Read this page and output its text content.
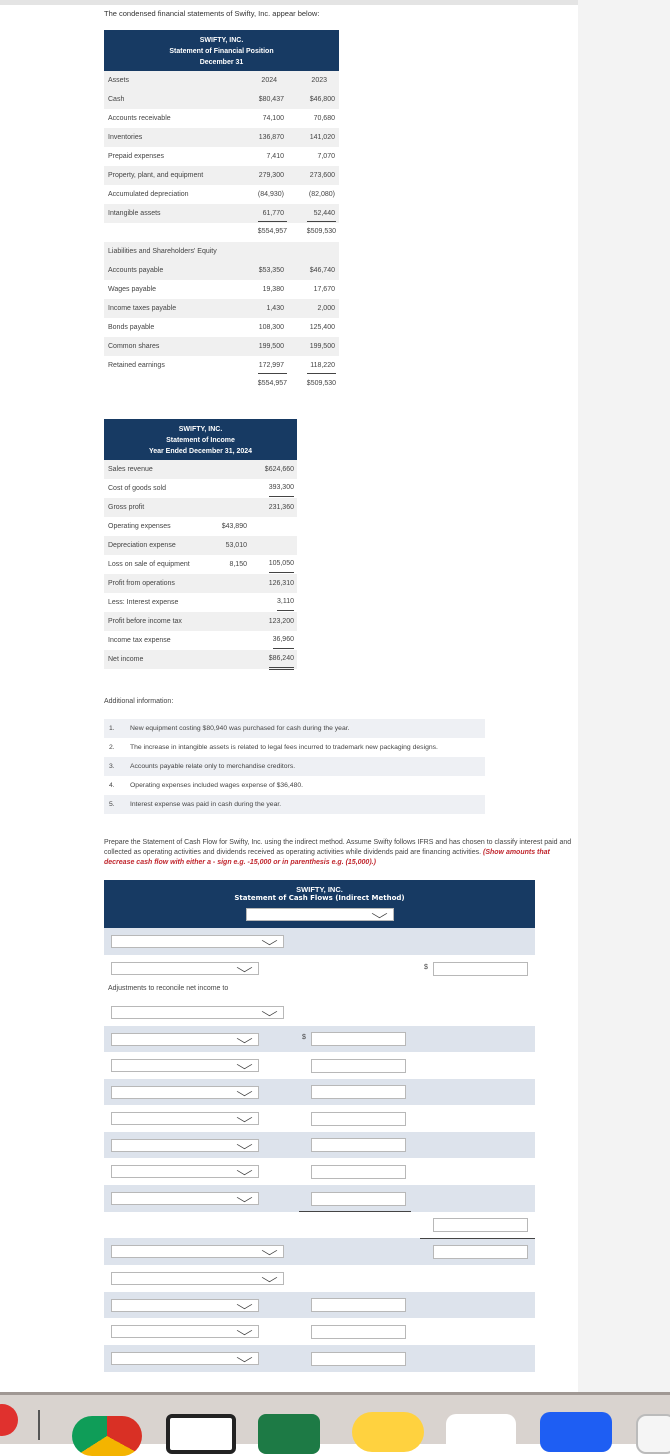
The condensed financial statements of Swifty, Inc. appear below:
SWIFTY, INC.
Statement of Financial Position
December 31
Assets	2024	2023
Cash	$80,437	$46,800
Accounts receivable	74,100	70,680
Inventories	136,870	141,020
Prepaid expenses	7,410	7,070
Property, plant, and equipment	279,300	273,600
Accumulated depreciation	(84,930)	(82,080)
Intangible assets	61,770	52,440
$554,957	$509,530
Liabilities and Shareholders' Equity
Accounts payable	$53,350	$46,740
Wages payable	19,380	17,670
Income taxes payable	1,430	2,000
Bonds payable	108,300	125,400
Common shares	199,500	199,500
Retained earnings	172,997	118,220
$554,957	$509,530
SWIFTY, INC.
Statement of Income
Year Ended December 31, 2024
Sales revenue	$624,660
Cost of goods sold	393,300
Gross profit	231,360
Operating expenses	$43,890
Depreciation expense	53,010
Loss on sale of equipment	8,150	105,050
Profit from operations	126,310
Less: Interest expense	3,110
Profit before income tax	123,200
Income tax expense	36,960
Net income	$86,240
Additional information:
1. New equipment costing $80,940 was purchased for cash during the year.
2. The increase in intangible assets is related to legal fees incurred to trademark new packaging designs.
3. Accounts payable relate only to merchandise creditors.
4. Operating expenses included wages expense of $36,480.
5. Interest expense was paid in cash during the year.
Prepare the Statement of Cash Flow for Swifty, Inc. using the indirect method. Assume Swifty follows IFRS and has chosen to classify interest paid and collected as operating activities and dividends received as operating activities while dividends paid are financing activities. (Show amounts that decrease cash flow with either a - sign e.g. -15,000 or in parenthesis e.g. (15,000).)
SWIFTY, INC.
Statement of Cash Flows (Indirect Method)
$
Adjustments to reconcile net income to
$
